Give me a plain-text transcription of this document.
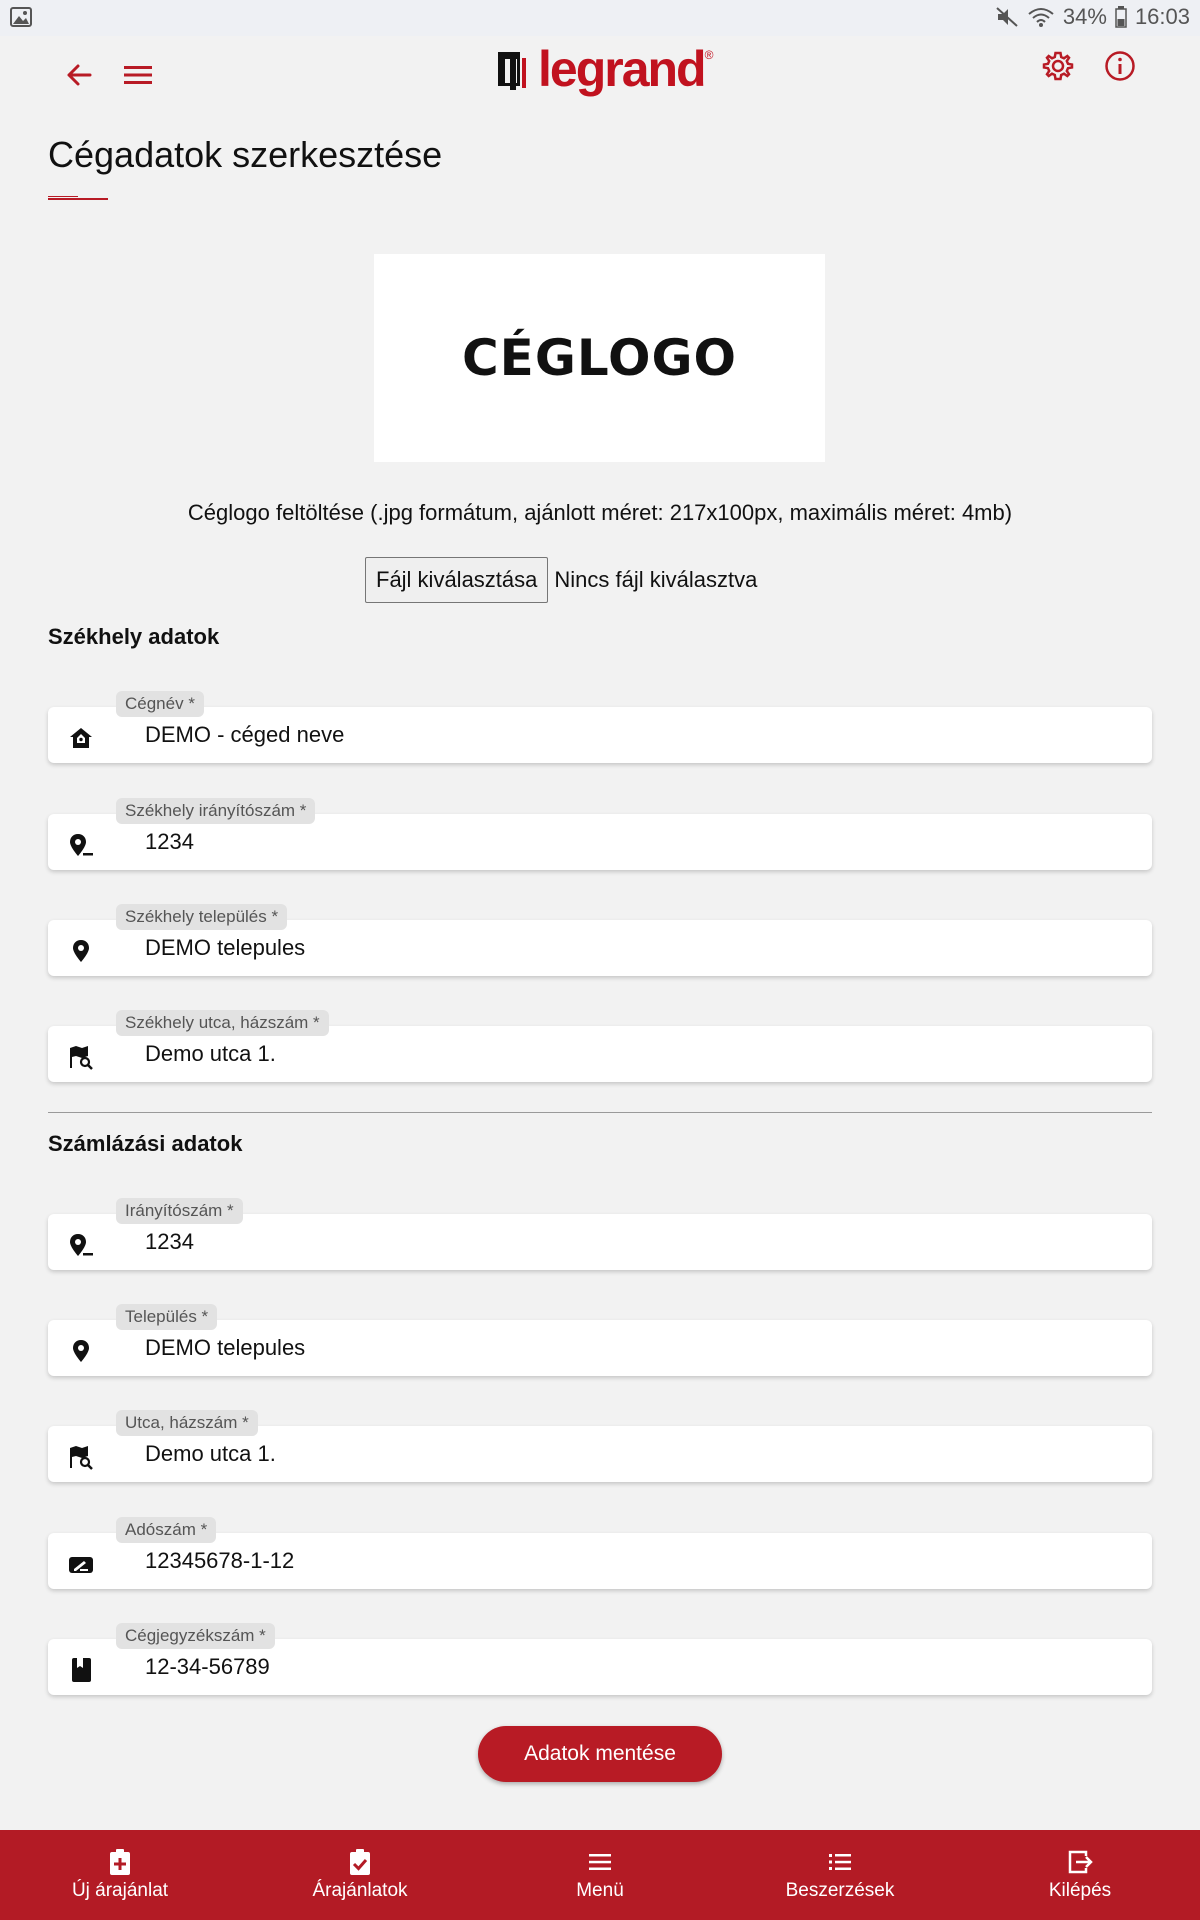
34% 16:03
legrand ®
Cégadatok szerkesztése
CÉGLOGO
Céglogo feltöltése (.jpg formátum, ajánlott méret: 217x100px, maximális méret: 4mb)
Fájl kiválasztása Nincs fájl kiválasztva
Székhely adatok
Cégnév *
DEMO - céged neve
Székhely irányítószám *
1234
Székhely település *
DEMO telepules
Székhely utca, házszám *
Demo utca 1.
Számlázási adatok
Irányítószám *
1234
Település *
DEMO telepules
Utca, házszám *
Demo utca 1.
Adószám *
12345678-1-12
Cégjegyzékszám *
12-34-56789
Adatok mentése
Új árajánlat	Árajánlatok	Menü	Beszerzések	Kilépés
